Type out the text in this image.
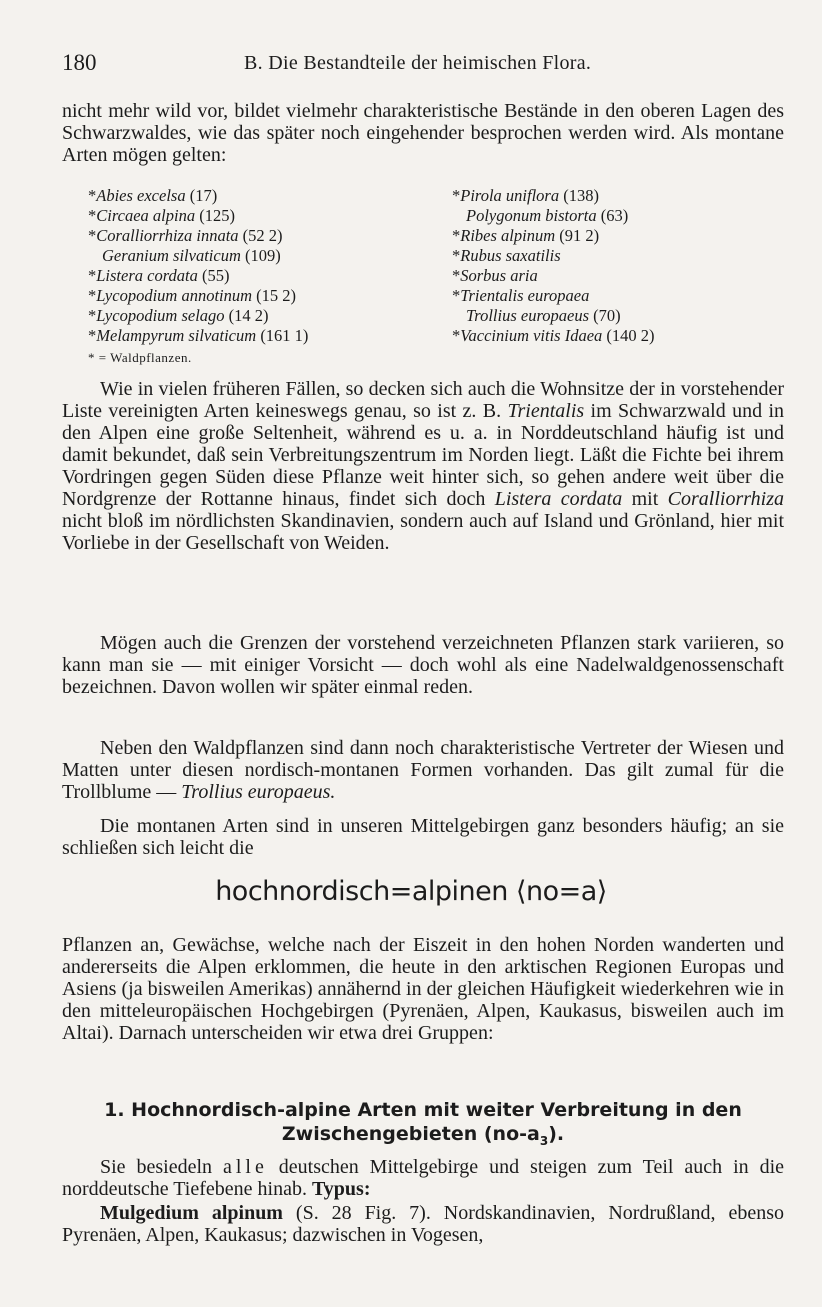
180	B. Die Bestandteile der heimischen Flora.

nicht mehr wild vor, bildet vielmehr charakteristische Bestände in den oberen Lagen des Schwarzwaldes, wie das später noch eingehender besprochen werden wird. Als montane Arten mögen gelten:

*Abies excelsa (17)
*Circaea alpina (125)
*Coralliorrhiza innata (52 2)
Geranium silvaticum (109)
*Listera cordata (55)
*Lycopodium annotinum (15 2)
*Lycopodium selago (14 2)
*Melampyrum silvaticum (161 1)
*Pirola uniflora (138)
Polygonum bistorta (63)
*Ribes alpinum (91 2)
*Rubus saxatilis
*Sorbus aria
*Trientalis europaea
Trollius europaeus (70)
*Vaccinium vitis Idaea (140 2)
* = Waldpflanzen.

Wie in vielen früheren Fällen, so decken sich auch die Wohnsitze der in vorstehender Liste vereinigten Arten keineswegs genau, so ist z. B. Trientalis im Schwarzwald und in den Alpen eine große Seltenheit, während es u. a. in Norddeutschland häufig ist und damit bekundet, daß sein Verbreitungszentrum im Norden liegt. Läßt die Fichte bei ihrem Vordringen gegen Süden diese Pflanze weit hinter sich, so gehen andere weit über die Nordgrenze der Rottanne hinaus, findet sich doch Listera cordata mit Coralliorrhiza nicht bloß im nördlichsten Skandinavien, sondern auch auf Island und Grönland, hier mit Vorliebe in der Gesellschaft von Weiden.

Mögen auch die Grenzen der vorstehend verzeichneten Pflanzen stark variieren, so kann man sie — mit einiger Vorsicht — doch wohl als eine Nadelwaldgenossenschaft bezeichnen. Davon wollen wir später einmal reden.

Neben den Waldpflanzen sind dann noch charakteristische Vertreter der Wiesen und Matten unter diesen nordisch-montanen Formen vorhanden. Das gilt zumal für die Trollblume — Trollius europaeus.

Die montanen Arten sind in unseren Mittelgebirgen ganz besonders häufig; an sie schließen sich leicht die

hochnordisch=alpinen ⟨no=a⟩

Pflanzen an, Gewächse, welche nach der Eiszeit in den hohen Norden wanderten und andererseits die Alpen erklommen, die heute in den arktischen Regionen Europas und Asiens (ja bisweilen Amerikas) annähernd in der gleichen Häufigkeit wiederkehren wie in den mitteleuropäischen Hochgebirgen (Pyrenäen, Alpen, Kaukasus, bisweilen auch im Altai). Darnach unterscheiden wir etwa drei Gruppen:

1. Hochnordisch-alpine Arten mit weiter Verbreitung in den
Zwischengebieten $(no-a_3)$.

Sie besiedeln alle deutschen Mittelgebirge und steigen zum Teil auch in die norddeutsche Tiefebene hinab. Typus:

Mulgedium alpinum (S. 28 Fig. 7). Nordskandinavien, Nordrußland, ebenso Pyrenäen, Alpen, Kaukasus; dazwischen in Vogesen,
